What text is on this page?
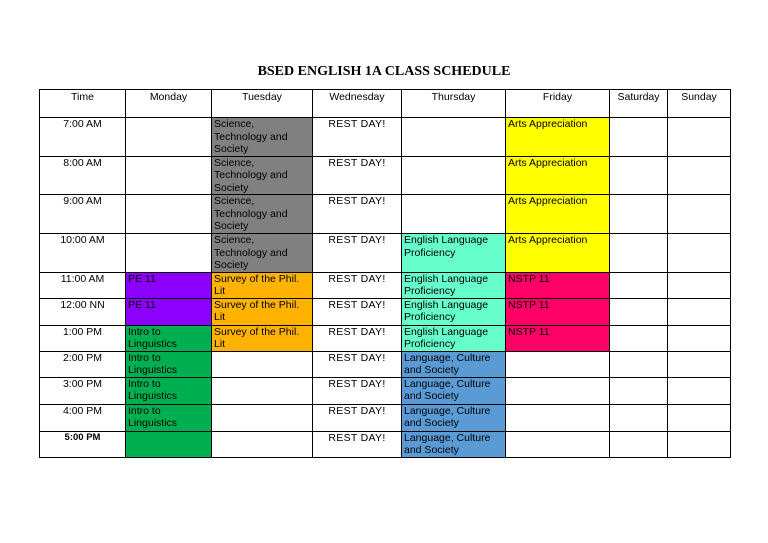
BSED ENGLISH 1A CLASS SCHEDULE
Time	Monday	Tuesday	Wednesday	Thursday	Friday	Saturday	Sunday
7:00 AM		Science, Technology and Society	REST DAY!		Arts Appreciation		
8:00 AM		Science, Technology and Society	REST DAY!		Arts Appreciation		
9:00 AM		Science, Technology and Society	REST DAY!		Arts Appreciation		
10:00 AM		Science, Technology and Society	REST DAY!	English Language Proficiency	Arts Appreciation		
11:00 AM	PE 11	Survey of the Phil. Lit	REST DAY!	English Language Proficiency	NSTP 11		
12:00 NN	PE 11	Survey of the Phil. Lit	REST DAY!	English Language Proficiency	NSTP 11		
1:00 PM	Intro to Linguistics	Survey of the Phil. Lit	REST DAY!	English Language Proficiency	NSTP 11		
2:00 PM	Intro to Linguistics		REST DAY!	Language, Culture and Society			
3:00 PM	Intro to Linguistics		REST DAY!	Language, Culture and Society			
4:00 PM	Intro to Linguistics		REST DAY!	Language, Culture and Society			
5:00 PM			REST DAY!	Language, Culture and Society			
